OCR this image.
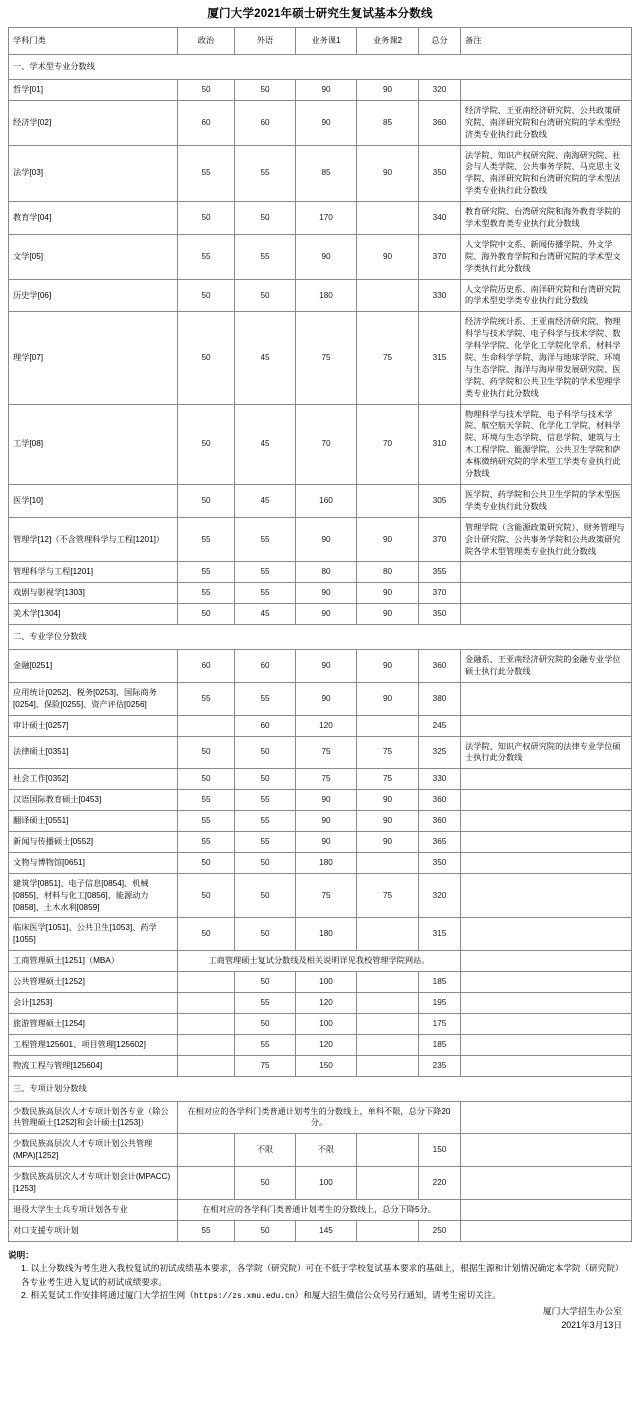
厦门大学2021年硕士研究生复试基本分数线
学科门类	政治	外语	业务课1	业务课2	总分	备注
一、学术型专业分数线						
哲学[01]	50	50	90	90	320	
经济学[02]	60	60	90	85	360	经济学院、王亚南经济研究院、公共政策研究院、南洋研究院和台湾研究院的学术型经济类专业执行此分数线
法学[03]	55	55	85	90	350	法学院、知识产权研究院、南海研究院、社会与人类学院、公共事务学院、马克思主义学院、南洋研究院和台湾研究院的学术型法学类专业执行此分数线
教育学[04]	50	50	170		340	教育研究院、台湾研究院和海外教育学院的学术型教育类专业执行此分数线
文学[05]	55	55	90	90	370	人文学院中文系、新闻传播学院、外文学院、海外教育学院和台湾研究院的学术型文学类执行此分数线
历史学[06]	50	50	180		330	人文学院历史系、南洋研究院和台湾研究院的学术型史学类专业执行此分数线
理学[07]	50	45	75	75	315	经济学院统计系、王亚南经济研究院、物理科学与技术学院、电子科学与技术学院、数学科学学院、化学化工学院化学系、材料学院、生命科学学院、海洋与地球学院、环境与生态学院、海洋与海岸带发展研究院、医学院、药学院和公共卫生学院的学术型理学类专业执行此分数线
工学[08]	50	45	70	70	310	物理科学与技术学院、电子科学与技术学院、航空航天学院、化学化工学院、材料学院、环境与生态学院、信息学院、建筑与土木工程学院、能源学院、公共卫生学院和萨本栋微纳研究院的学术型工学类专业执行此分数线
医学[10]	50	45	160		305	医学院、药学院和公共卫生学院的学术型医学类专业执行此分数线
管理学[12]（不含管理科学与工程[1201]）	55	55	90	90	370	管理学院（含能源政策研究院）、财务管理与会计研究院、公共事务学院和公共政策研究院各学术型管理类专业执行此分数线
管理科学与工程[1201]	55	55	80	80	355	
戏剧与影视学[1303]	55	55	90	90	370	
美术学[1304]	50	45	90	90	350	
二、专业学位分数线						
金融[0251]	60	60	90	90	360	金融系、王亚南经济研究院的金融专业学位硕士执行此分数线
应用统计[0252]、税务[0253]、国际商务[0254]、保险[0255]、资产评估[0256]	55	55	90	90	380	
审计硕士[0257]		60	120		245	
法律硕士[0351]	50	50	75	75	325	法学院、知识产权研究院的法律专业学位硕士执行此分数线
社会工作[0352]	50	50	75	75	330	
汉语国际教育硕士[0453]	55	55	90	90	360	
翻译硕士[0551]	55	55	90	90	360	
新闻与传播硕士[0552]	55	55	90	90	365	
文物与博物馆[0651]	50	50	180		350	
建筑学[0851]、电子信息[0854]、机械[0855]、材料与化工[0856]、能源动力[0858]、土木水利[0859]	50	50	75	75	320	
临床医学[1051]、公共卫生[1053]、药学[1055]	50	50	180		315	
工商管理硕士[1251]（MBA）	工商管理硕士复试分数线及相关说明详见我校管理学院网站。					
公共管理硕士[1252]		50	100		185	
会计[1253]		55	120		195	
旅游管理硕士[1254]		50	100		175	
工程管理125601、项目管理[125602]		55	120		185	
物流工程与管理[125604]		75	150		235	
三、专项计划分数线						
少数民族高层次人才专项计划各专业（除公共管理硕士[1252]和会计硕士[1253]）	在相对应的各学科门类普通计划考生的分数线上，单科不限，总分下降20分。					
少数民族高层次人才专项计划公共管理(MPA)[1252]		不限	不限		150	
少数民族高层次人才专项计划会计(MPACC)[1253]		50	100		220	
退役大学生士兵专项计划各专业	在相对应的各学科门类普通计划考生的分数线上，总分下降5分。					
对口支援专项计划	55	50	145		250	
说明：
1. 以上分数线为考生进入我校复试的初试成绩基本要求，各学院（研究院）可在不低于学校复试基本要求的基础上，根据生源和计划情况确定本学院（研究院）各专业考生进入复试的初试成绩要求。
2. 相关复试工作安排将通过厦门大学招生网（https://zs.xmu.edu.cn）和厦大招生微信公众号另行通知，请考生密切关注。
厦门大学招生办公室
2021年3月13日
